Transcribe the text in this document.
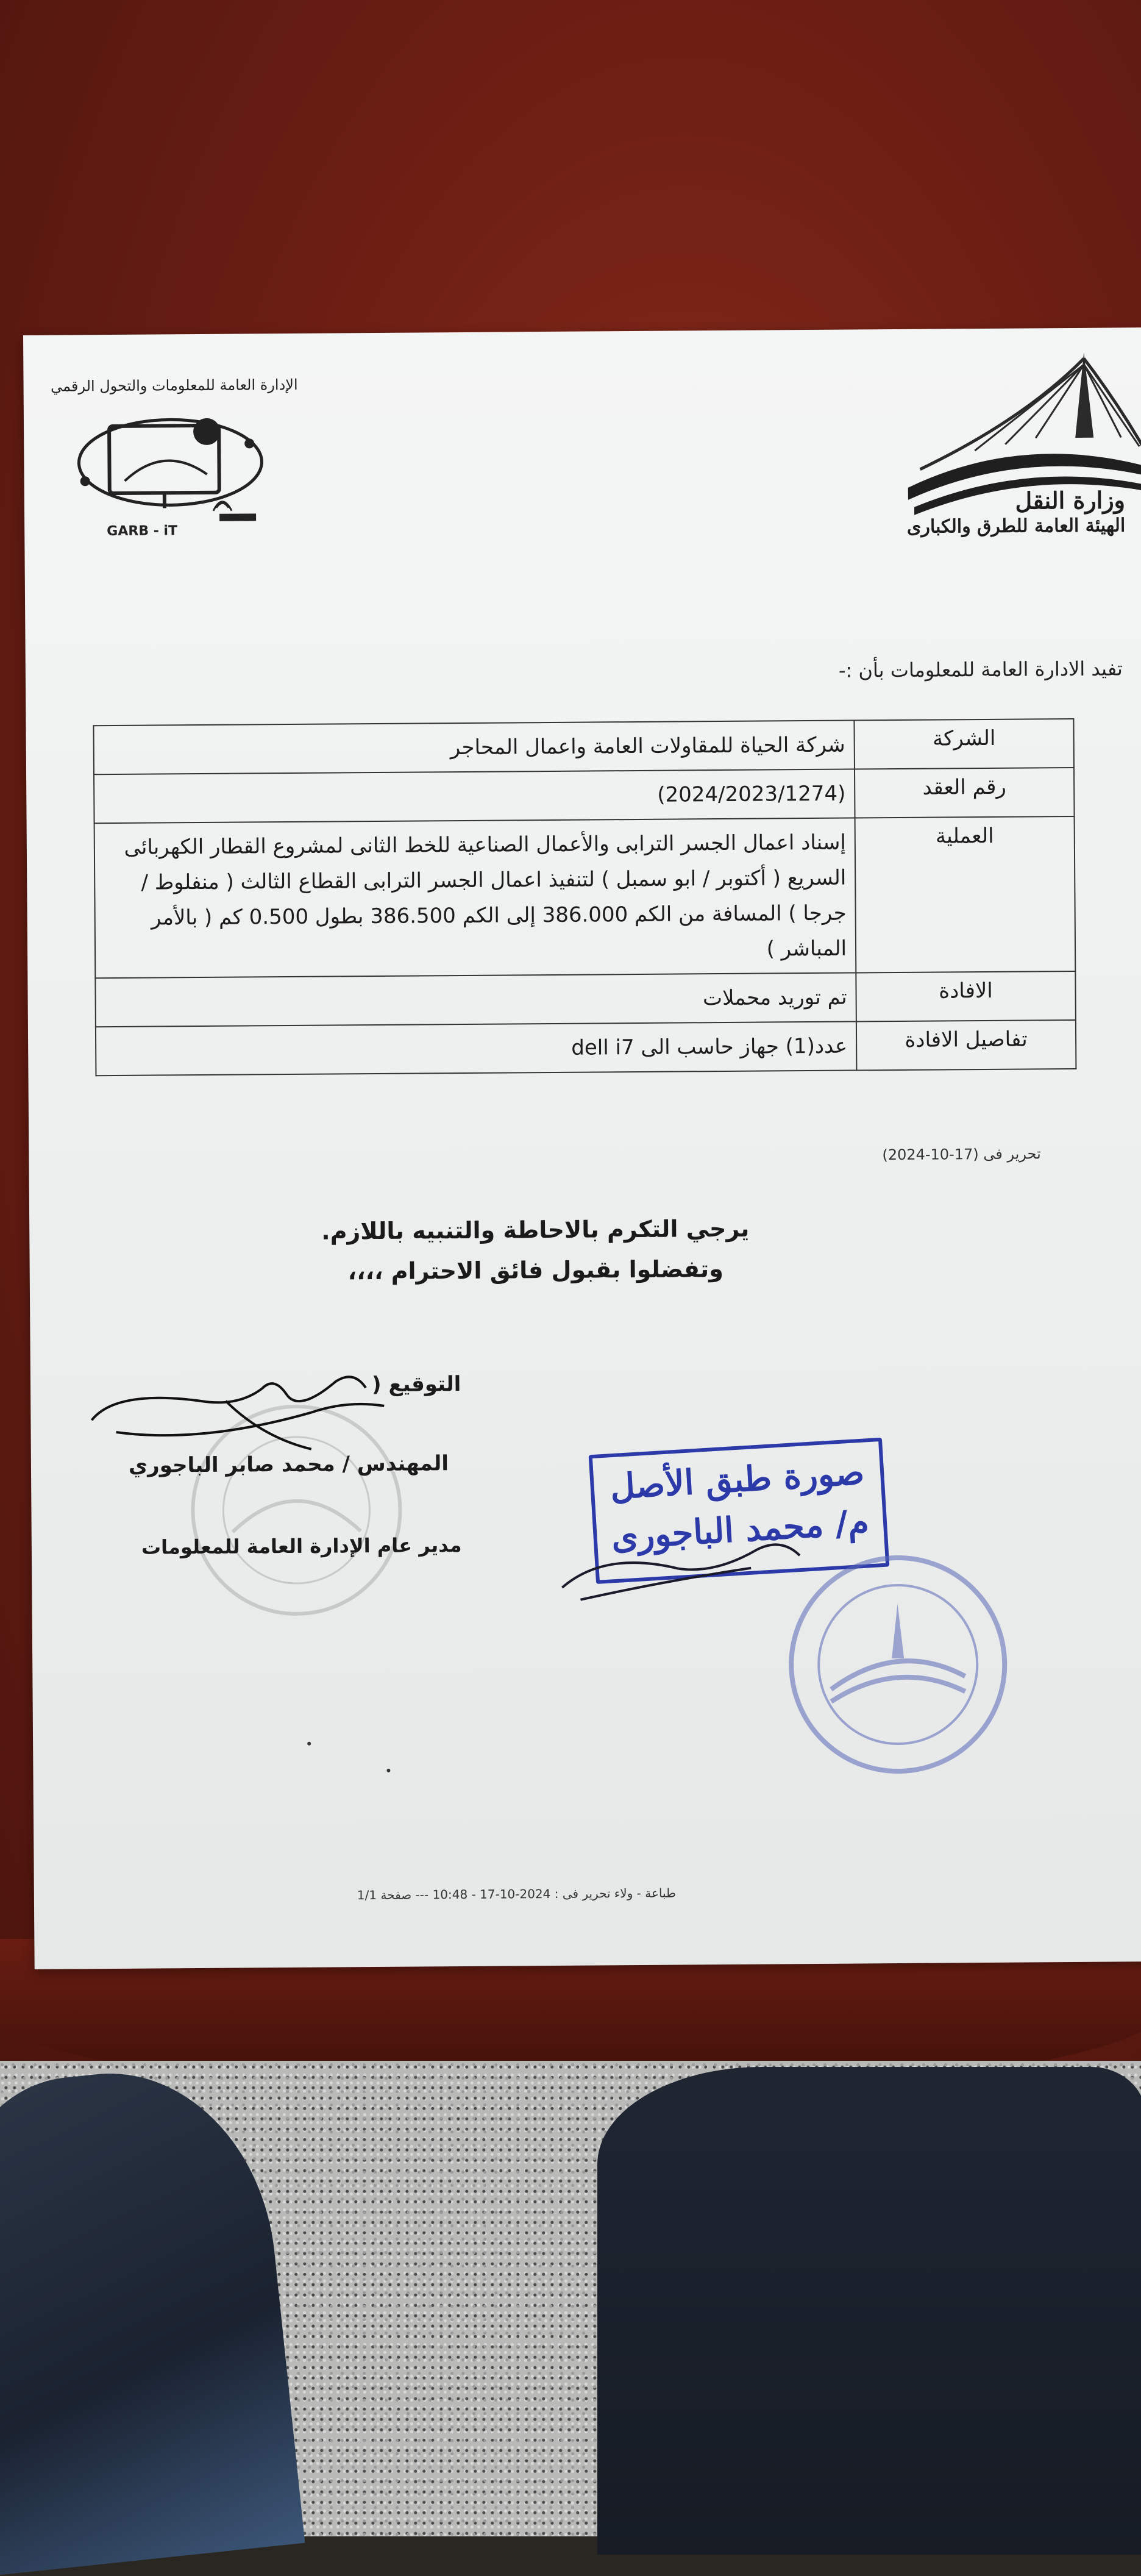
وزارة النقل
الهيئة العامة للطرق والكبارى
الإدارة العامة للمعلومات والتحول الرقمي
GARB - iT
تفيد الادارة العامة للمعلومات بأن :-
الشركة	شركة الحياة للمقاولات العامة واعمال المحاجر
رقم العقد	(2024/2023/1274)
العملية	إسناد اعمال الجسر الترابى والأعمال الصناعية للخط الثانى لمشروع القطار الكهربائى السريع ( أكتوبر / ابو سمبل ) لتنفيذ اعمال الجسر الترابى القطاع الثالث ( منفلوط / جرجا ) المسافة من الكم 386.000 إلى الكم 386.500 بطول 0.500 كم ( بالأمر المباشر )
الافادة	تم توريد محملات
تفاصيل الافادة	عدد(1) جهاز حاسب الى dell i7
تحرير فى (17-10-2024)
يرجي التكرم بالاحاطة والتنبيه باللازم.
وتفضلوا بقبول فائق الاحترام ،،،،
التوقيع (
المهندس / محمد صابر الباجوري
مدير عام الإدارة العامة للمعلومات
صورة طبق الأصل
م/ محمد الباجورى
طباعة - ولاء تحرير فى : 2024-10-17 - 10:48 --- صفحة 1/1
